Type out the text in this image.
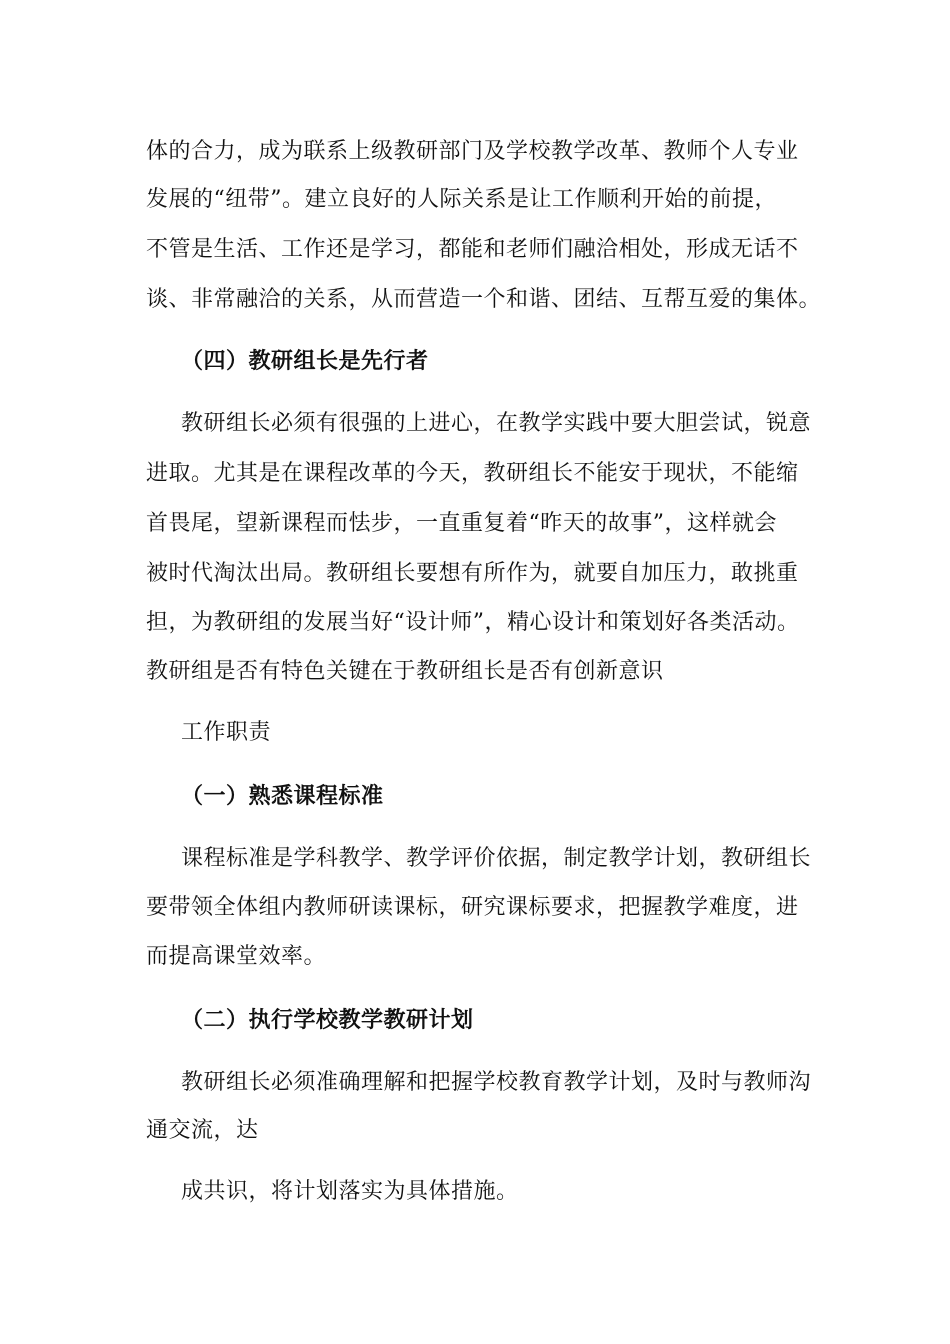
体的合力，成为联系上级教研部门及学校教学改革、教师个人专业
发展的“纽带”。建立良好的人际关系是让工作顺利开始的前提，
不管是生活、工作还是学习，都能和老师们融洽相处，形成无话不
谈、非常融洽的关系，从而营造一个和谐、团结、互帮互爱的集体。
（四）教研组长是先行者
教研组长必须有很强的上进心，在教学实践中要大胆尝试，锐意
进取。尤其是在课程改革的今天，教研组长不能安于现状，不能缩
首畏尾，望新课程而怯步，一直重复着“昨天的故事”，这样就会
被时代淘汰出局。教研组长要想有所作为，就要自加压力，敢挑重
担，为教研组的发展当好“设计师”，精心设计和策划好各类活动。
教研组是否有特色关键在于教研组长是否有创新意识
工作职责
（一）熟悉课程标准
课程标准是学科教学、教学评价依据，制定教学计划，教研组长
要带领全体组内教师研读课标，研究课标要求，把握教学难度，进
而提高课堂效率。
（二）执行学校教学教研计划
教研组长必须准确理解和把握学校教育教学计划，及时与教师沟
通交流，达
成共识，将计划落实为具体措施。
